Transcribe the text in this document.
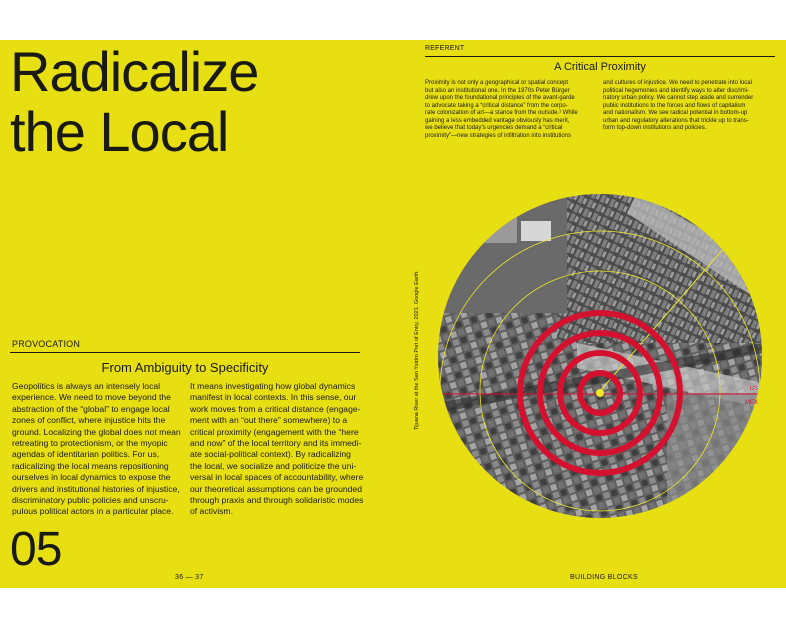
Radicalize
the Local
PROVOCATION
From Ambiguity to Specificity

Geopolitics is always an intensely local

experience. We need to move beyond the

abstraction of the “global” to engage local

zones of conflict, where injustice hits the

ground. Localizing the global does not mean

retreating to protectionism, or the myopic

agendas of identitarian politics. For us,

radicalizing the local means repositioning

ourselves in local dynamics to expose the

drivers and institutional histories of injustice,

discriminatory public policies and unscru-

pulous political actors in a particular place.

It means investigating how global dynamics

manifest in local contexts. In this sense, our

work moves from a critical distance (engage-

ment with an “out there” somewhere) to a

critical proximity (engagement with the “here

and now” of the local territory and its immedi-

ate social-political context). By radicalizing

the local, we socialize and politicize the uni-

versal in local spaces of accountability, where

our theoretical assumptions can be grounded

through praxis and through solidaristic modes

of activism.

05
36 — 37
REFERENT
A Critical Proximity

Proximity is not only a geographical or spatial concept

but also an institutional one. In the 1970s Peter Bürger

drew upon the foundational principles of the avant-garde

to advocate taking a “critical distance” from the corpo-

rate colonization of art—a stance from the outside.¹ While

gaining a less embedded vantage obviously has merit,

we believe that today’s urgencies demand a “critical

proximity”—new strategies of infiltration into institutions

and cultures of injustice. We need to penetrate into local

political hegemonies and identify ways to alter discrimi-

natory urban policy. We cannot step aside and surrender

public institutions to the forces and flows of capitalism

and nationalism. We see radical potential in bottom-up

urban and regulatory alterations that trickle up to trans-

form top-down institutions and policies.

Tijuana River at the San Ysidro Port of Entry, 2021. Google Earth.	US
MEX
BUILDING BLOCKS
